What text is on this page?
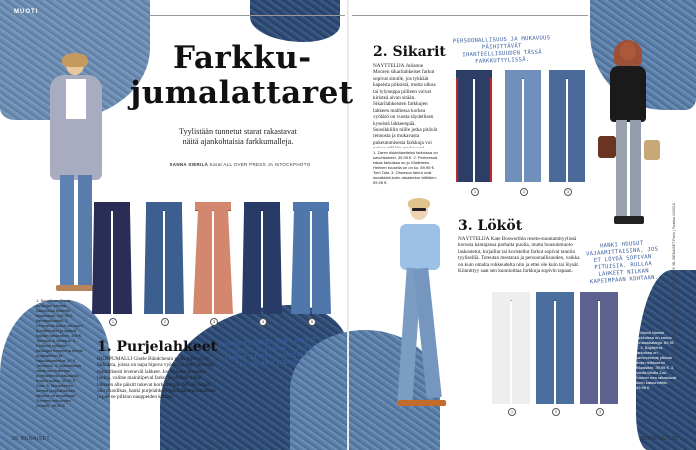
MUOTI
Farkku-
jumalattaret
Tyylistään tunnetut starat rakastavat näitä ajankohtaisia farkkumalleja.
SANNA SIERILÄ Karat ALL OVER PRESS JA ISTOCKPHOTO
1	2	3	4	5
1. Sporttikas Gisele farkkujen kanssa kaavoissa! teistettu kiudanesty. 119,95 €, Ilamanokrankki. 2. Levenevat farkut vali tauni purkahenkiel ja sijaisia tyyntiin farkkutisen. 109 €. Taimaus & Taimaus. 3. Korkean vyötärön farkkujen kommena leveät purjelahkeet ja vakioasennettua, 57 €, Toiveplus. 4. Mikitarkistys rakas lisa hoikintaa purjelahjeella (takatoilla) leveän mallia. 39,95 €, Zara. 5. Monsikkinen tumma purjelahkeinen farkuna on armokkaat Tummen hihoomien (onheli). 49,95 €.
1. Purjelahkeet
HUIPPUMALLI Gisele Bündchenin ylväs tyyli nyyty farkuista, joissa on napa hipova vyötärö ja hetti lantiolta mahtillisesti leveneväl lahkeet. Jos kinnitet klassista lookia, valitse mainitipeval farkut ja yhdistä niihin lakkeen alle päisitt tukevat korkokengät. Mikäli haluat olla muodikas, hanki purjelahkeet puolilääreenmittaisena ja pue ne pilkinn nauppeiden kanssa.
KROPPA PITENEE, KUN LAHKEET LEVENEVÄT ALASPÄIN - ELIXI FARKUT SITTEN TÄYSPITKÄT TAI VAJAAMITTAISET
26 MENAISET
2. Sikarit
NÄYTTELIJÄ Julianne Mooren sikarilahkeiset farkut sopivat sinulle, jos tykkäät kapeista pöksistä, mutta ulkoa tai tylyneppa piilleen voivat kiristeä aivan sitään. Sikarilahkeisten farkkujen lahkeen malliessa korkea vyötärö on vuotta täydellisen kyseistä lahkeenpää. Suosikkillin niille jotka pitävät rennosta ja mukavasta pukeutumisesta farkkuja voi
1. Zaren rikkinäisetteksi farkuissa on savuhkaneet. 39,95 €. 2. Perheessä rakas farkuissa on jo Värähteen. Helmen tuusella on on ku. 89,95 €. Tom Tala. 3. Ohuesca farkut ovat suosikkitä kurin rakastetun viittiläen. 59,95 €.
PERSOONALLISUUS JA MUKAVUUS PÄIHITTÄVÄT IHANTEELLISUUDEN TÄSSÄ FARKKUTYYLISSÄ.
1	2	3
3. Lököt
NÄYTTELIJÄ Kate Bosworthin reseto-suuntamityylissä korosta kantajansa parhaita puolia, mutta housunmuoto laskostetut, kirjaillut tai koristellut farkut sopivat tanniin tyyliselliä. Toteutan mestaran ja persoonallisuuden, vaikka on kuin omalta rohkeudelta niin ja ettei ole kuin tai löysät. Kiinnittyy saat sen kunnioittaa farkkuja sopivin tapaan.
HANKI HOUSUT VAJAAMITTAISINA, JOS ET LÖYDÄ SOPIVAN PITUISIA. RULLAA LAHKEET NILKAN KAPEIMPAAN KOHTAAN.
1	2	3
1. Monsi Marsin farkkuissa on sanna tumaukkalahja. 89,95 €. 2. Boyfriend-farkuissa on kamuvimmat pikkuis avain teikkuunni Kitaasikin. 39,95 €. 3. Vanta Medio Zoo Kanner nea rakastuvat kurin katsonnittiin. 39,95 €.
© Mediakuvat, kuvasuunnittelu: Heikki Mäki | Kuvittaja: OTK 3D. MENAISET Paino | Taustaa 24/2018
MENAISET 31
